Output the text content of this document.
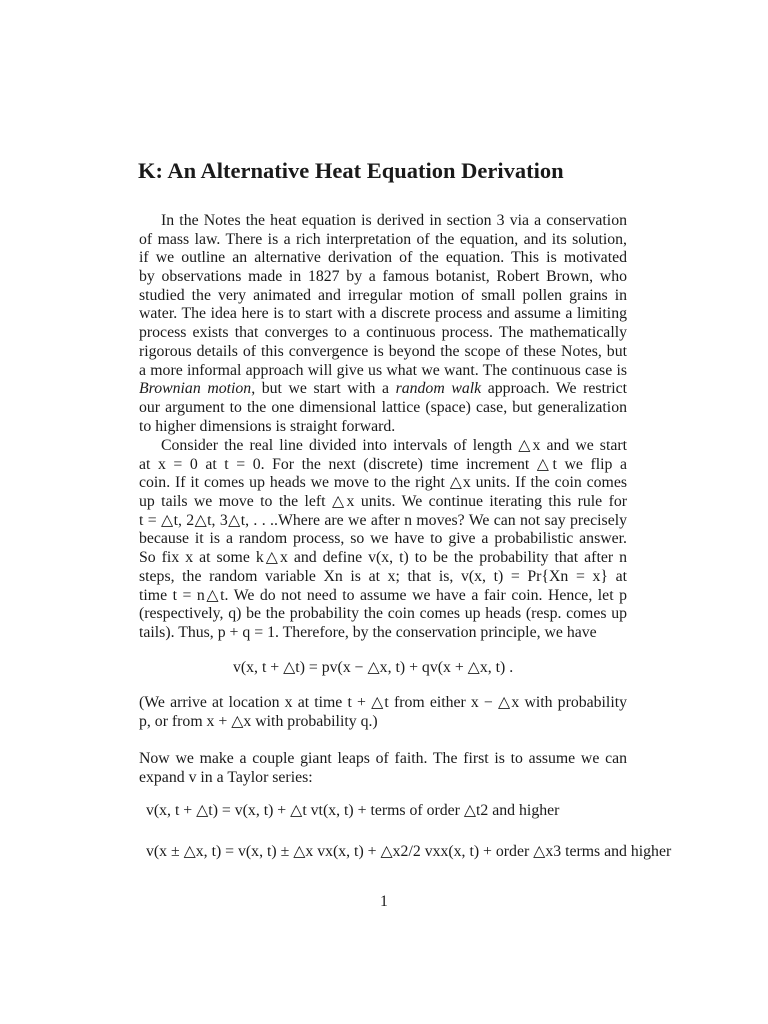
K: An Alternative Heat Equation Derivation
In the Notes the heat equation is derived in section 3 via a conservation
of mass law. There is a rich interpretation of the equation, and its solution,
if we outline an alternative derivation of the equation. This is motivated
by observations made in 1827 by a famous botanist, Robert Brown, who
studied the very animated and irregular motion of small pollen grains in
water. The idea here is to start with a discrete process and assume a limiting
process exists that converges to a continuous process. The mathematically
rigorous details of this convergence is beyond the scope of these Notes, but
a more informal approach will give us what we want. The continuous case is
Brownian motion, but we start with a random walk approach. We restrict
our argument to the one dimensional lattice (space) case, but generalization
to higher dimensions is straight forward.
Consider the real line divided into intervals of length △x and we start
at x = 0 at t = 0. For the next (discrete) time increment △t we flip a
coin. If it comes up heads we move to the right △x units. If the coin comes
up tails we move to the left △x units. We continue iterating this rule for
t = △t, 2△t, 3△t, . . ..Where are we after n moves? We can not say precisely
because it is a random process, so we have to give a probabilistic answer.
So fix x at some k△x and define v(x, t) to be the probability that after n
steps, the random variable Xn is at x; that is, v(x, t) = Pr{Xn = x} at
time t = n△t. We do not need to assume we have a fair coin. Hence, let p
(respectively, q) be the probability the coin comes up heads (resp. comes up
tails). Thus, p + q = 1. Therefore, by the conservation principle, we have
v(x, t + △t) = pv(x − △x, t) + qv(x + △x, t) .
(We arrive at location x at time t + △t from either x − △x with probability
p, or from x + △x with probability q.)
Now we make a couple giant leaps of faith. The first is to assume we can
expand v in a Taylor series:
v(x, t + △t) = v(x, t) + △t vt(x, t) + terms of order △t2 and higher
v(x ± △x, t) = v(x, t) ± △x vx(x, t) + △x2/2 vxx(x, t) + order △x3 terms and higher
1
